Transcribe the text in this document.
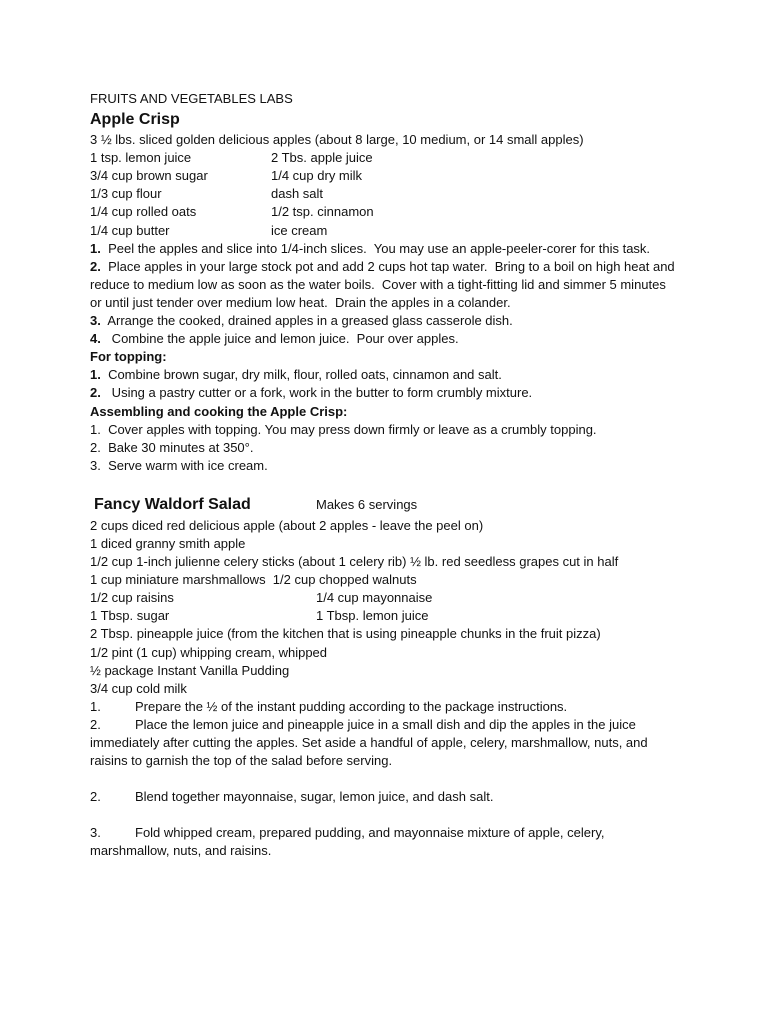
FRUITS AND VEGETABLES LABS
Apple Crisp
3 ½ lbs. sliced golden delicious apples (about 8 large, 10 medium, or 14 small apples)
1 tsp. lemon juice	2 Tbs. apple juice
3/4 cup brown sugar	1/4 cup dry milk
1/3 cup flour	dash salt
1/4 cup rolled oats	1/2 tsp. cinnamon
1/4 cup butter	ice cream
1.  Peel the apples and slice into 1/4-inch slices.  You may use an apple-peeler-corer for this task.
2.  Place apples in your large stock pot and add 2 cups hot tap water.  Bring to a boil on high heat and reduce to medium low as soon as the water boils.  Cover with a tight-fitting lid and simmer 5 minutes or until just tender over medium low heat.  Drain the apples in a colander.
3.  Arrange the cooked, drained apples in a greased glass casserole dish.
4.   Combine the apple juice and lemon juice.  Pour over apples.
For topping:
1.  Combine brown sugar, dry milk, flour, rolled oats, cinnamon and salt.
2.   Using a pastry cutter or a fork, work in the butter to form crumbly mixture.
Assembling and cooking the Apple Crisp:
1.  Cover apples with topping. You may press down firmly or leave as a crumbly topping.
2.  Bake 30 minutes at 350°.
3.  Serve warm with ice cream.
Fancy Waldorf Salad	Makes 6 servings
2 cups diced red delicious apple (about 2 apples - leave the peel on)
1 diced granny smith apple
1/2 cup 1-inch julienne celery sticks (about 1 celery rib) ½ lb. red seedless grapes cut in half
1 cup miniature marshmallows  1/2 cup chopped walnuts
1/2 cup raisins	1/4 cup mayonnaise
1 Tbsp. sugar	1 Tbsp. lemon juice
2 Tbsp. pineapple juice (from the kitchen that is using pineapple chunks in the fruit pizza)
1/2 pint (1 cup) whipping cream, whipped
½ package Instant Vanilla Pudding
3/4 cup cold milk
1.	Prepare the ½ of the instant pudding according to the package instructions.
2.	Place the lemon juice and pineapple juice in a small dish and dip the apples in the juice immediately after cutting the apples. Set aside a handful of apple, celery, marshmallow, nuts, and raisins to garnish the top of the salad before serving.
2.	Blend together mayonnaise, sugar, lemon juice, and dash salt.
3.	Fold whipped cream, prepared pudding, and mayonnaise mixture of apple, celery, marshmallow, nuts, and raisins.
